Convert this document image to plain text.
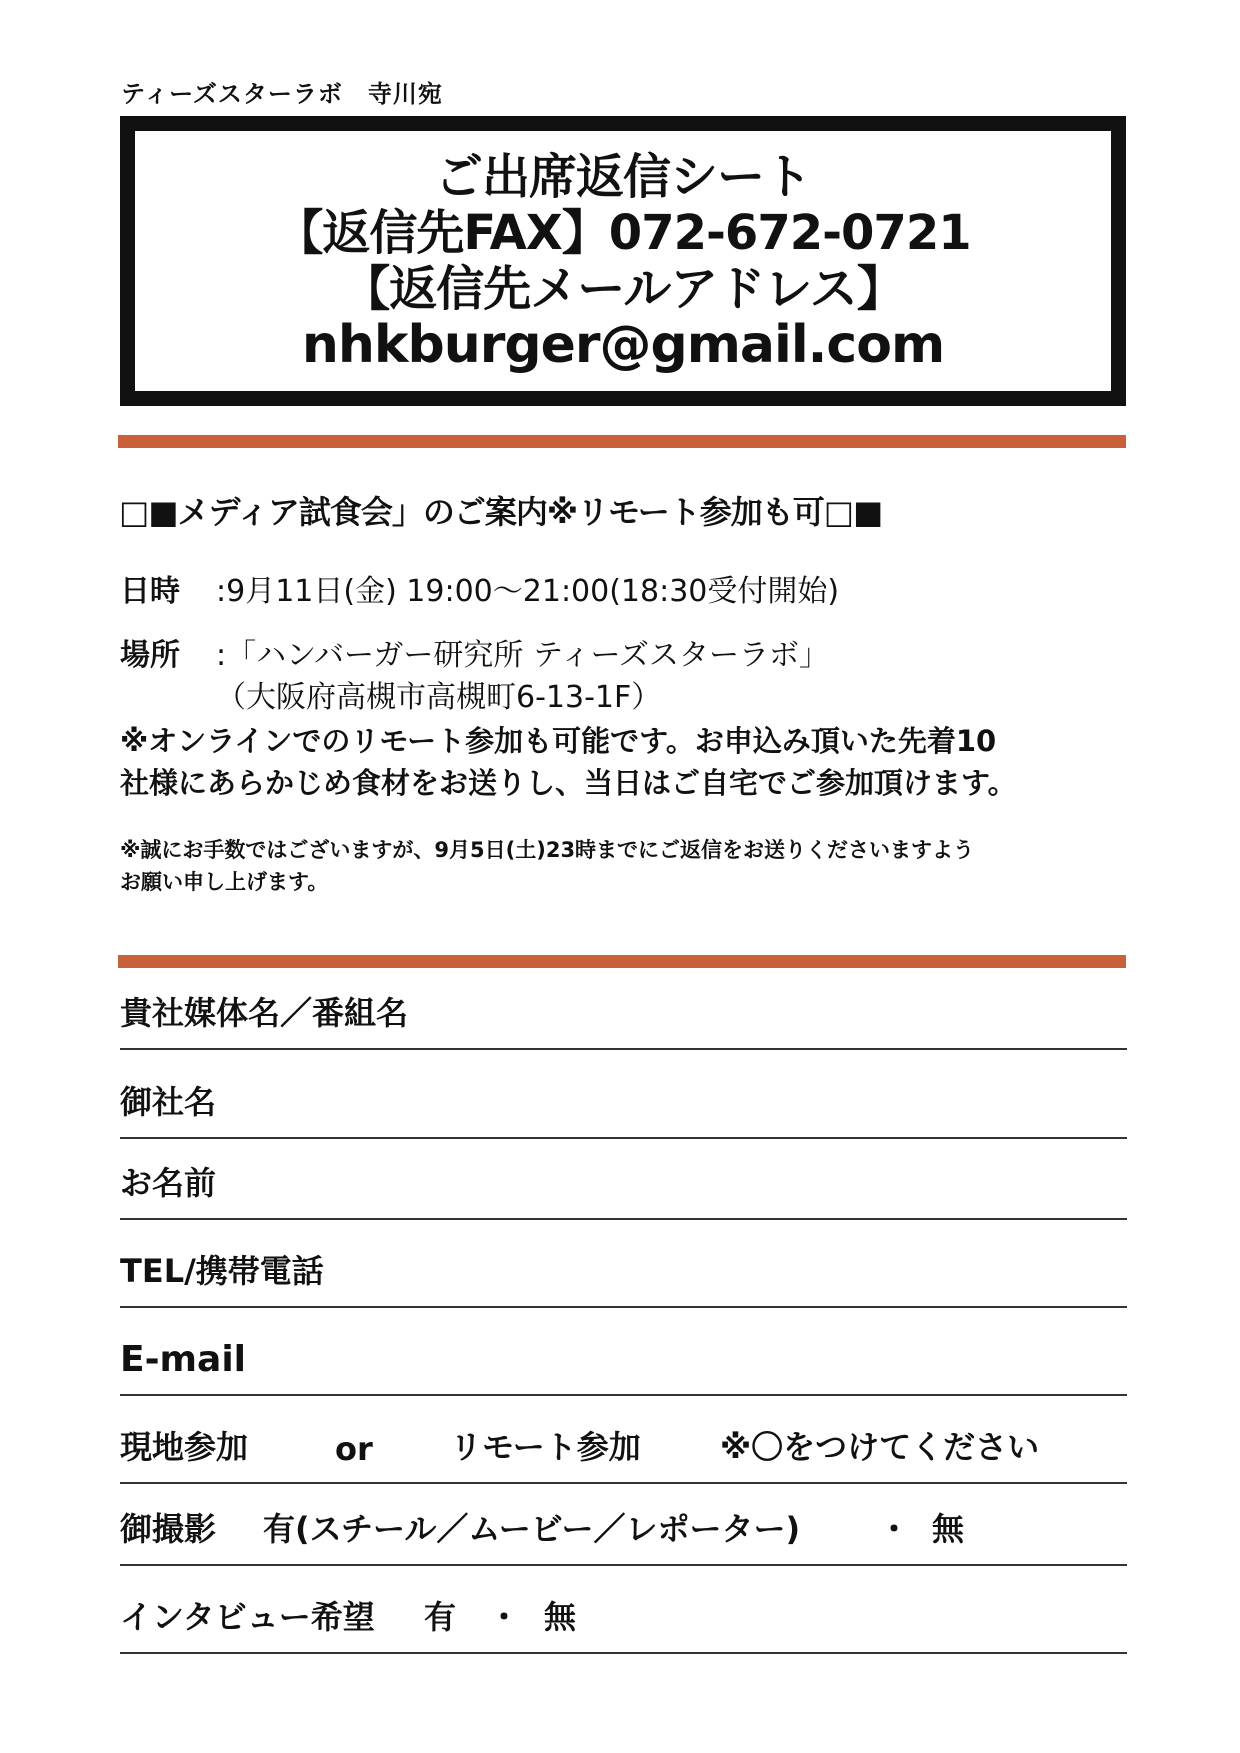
ティーズスターラボ　寺川宛
ご出席返信シート
【返信先FAX】072-672-0721
【返信先メールアドレス】
nhkburger@gmail.com
□■メディア試食会」のご案内※リモート参加も可□■
日時 :9月11日(金) 19:00～21:00(18:30受付開始)
場所 :「ハンバーガー研究所 ティーズスターラボ」
（大阪府高槻市高槻町6-13-1F）
※オンラインでのリモート参加も可能です。お申込み頂いた先着10
社様にあらかじめ食材をお送りし、当日はご自宅でご参加頂けます。
※誠にお手数ではございますが、9月5日(土)23時までにご返信をお送りくださいますよう
お願い申し上げます。
貴社媒体名／番組名
御社名
お名前
TEL/携帯電話
E-mail
現地参加	or リモート参加 ※〇をつけてください
御撮影 有(スチール／ムービー／レポーター) ・ 無
インタビュー希望 有 ・ 無
